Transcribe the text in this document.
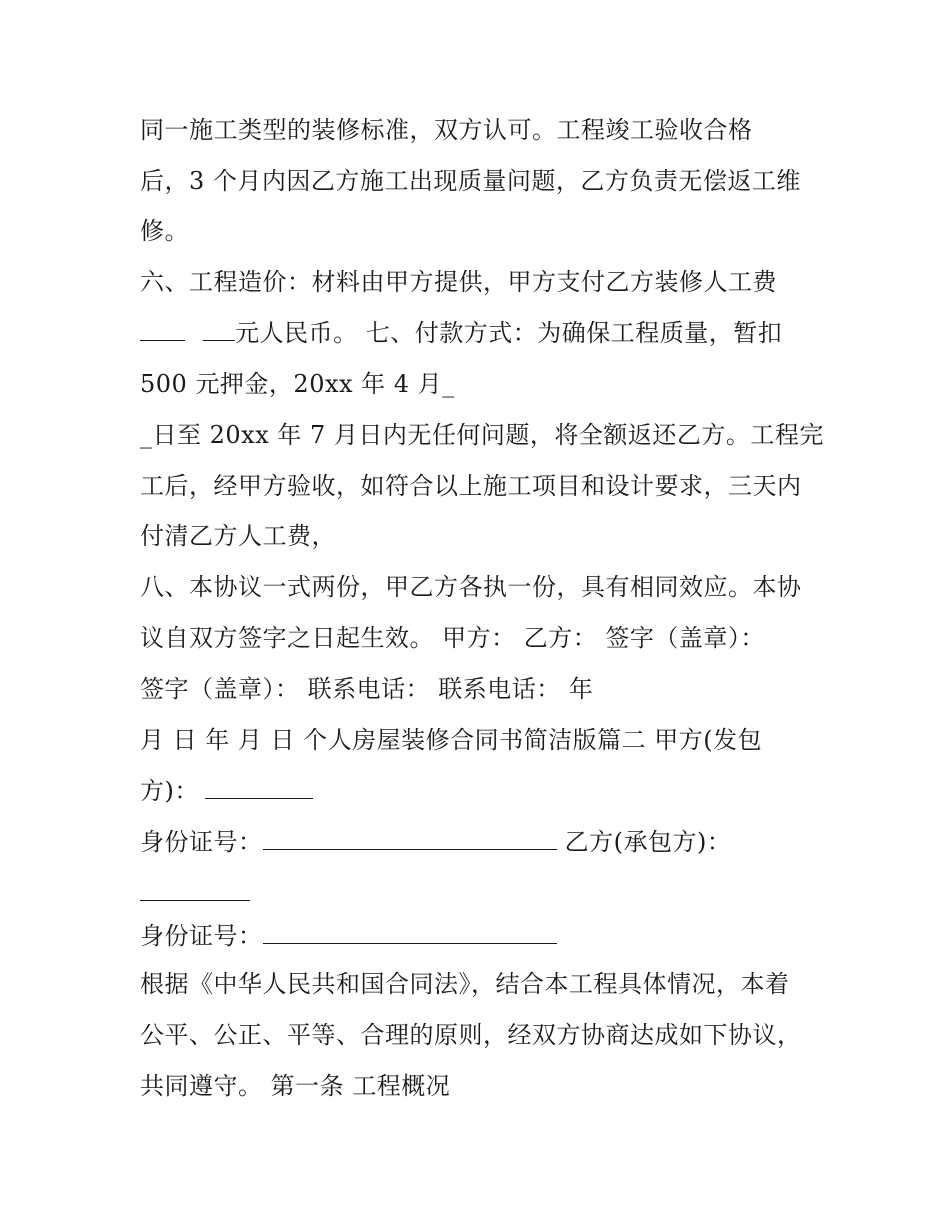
同一施工类型的装修标准，双方认可。工程竣工验收合格
后，3 个月内因乙方施工出现质量问题，乙方负责无偿返工维
修。
六、工程造价：材料由甲方提供，甲方支付乙方装修人工费
元人民币。 七、付款方式：为确保工程质量，暂扣
500 元押金，20xx 年 4 月_
_日至 20xx 年 7 月日内无任何问题，将全额返还乙方。工程完
工后，经甲方验收，如符合以上施工项目和设计要求，三天内
付清乙方人工费，
八、本协议一式两份，甲乙方各执一份，具有相同效应。本协
议自双方签字之日起生效。 甲方： 乙方： 签字（盖章）：
签字（盖章）： 联系电话： 联系电话： 年
月 日 年 月 日 个人房屋装修合同书简洁版篇二 甲方(发包
方)：
身份证号：	乙方(承包方)：
身份证号：
根据《中华人民共和国合同法》，结合本工程具体情况，本着
公平、公正、平等、合理的原则，经双方协商达成如下协议，
共同遵守。 第一条 工程概况
